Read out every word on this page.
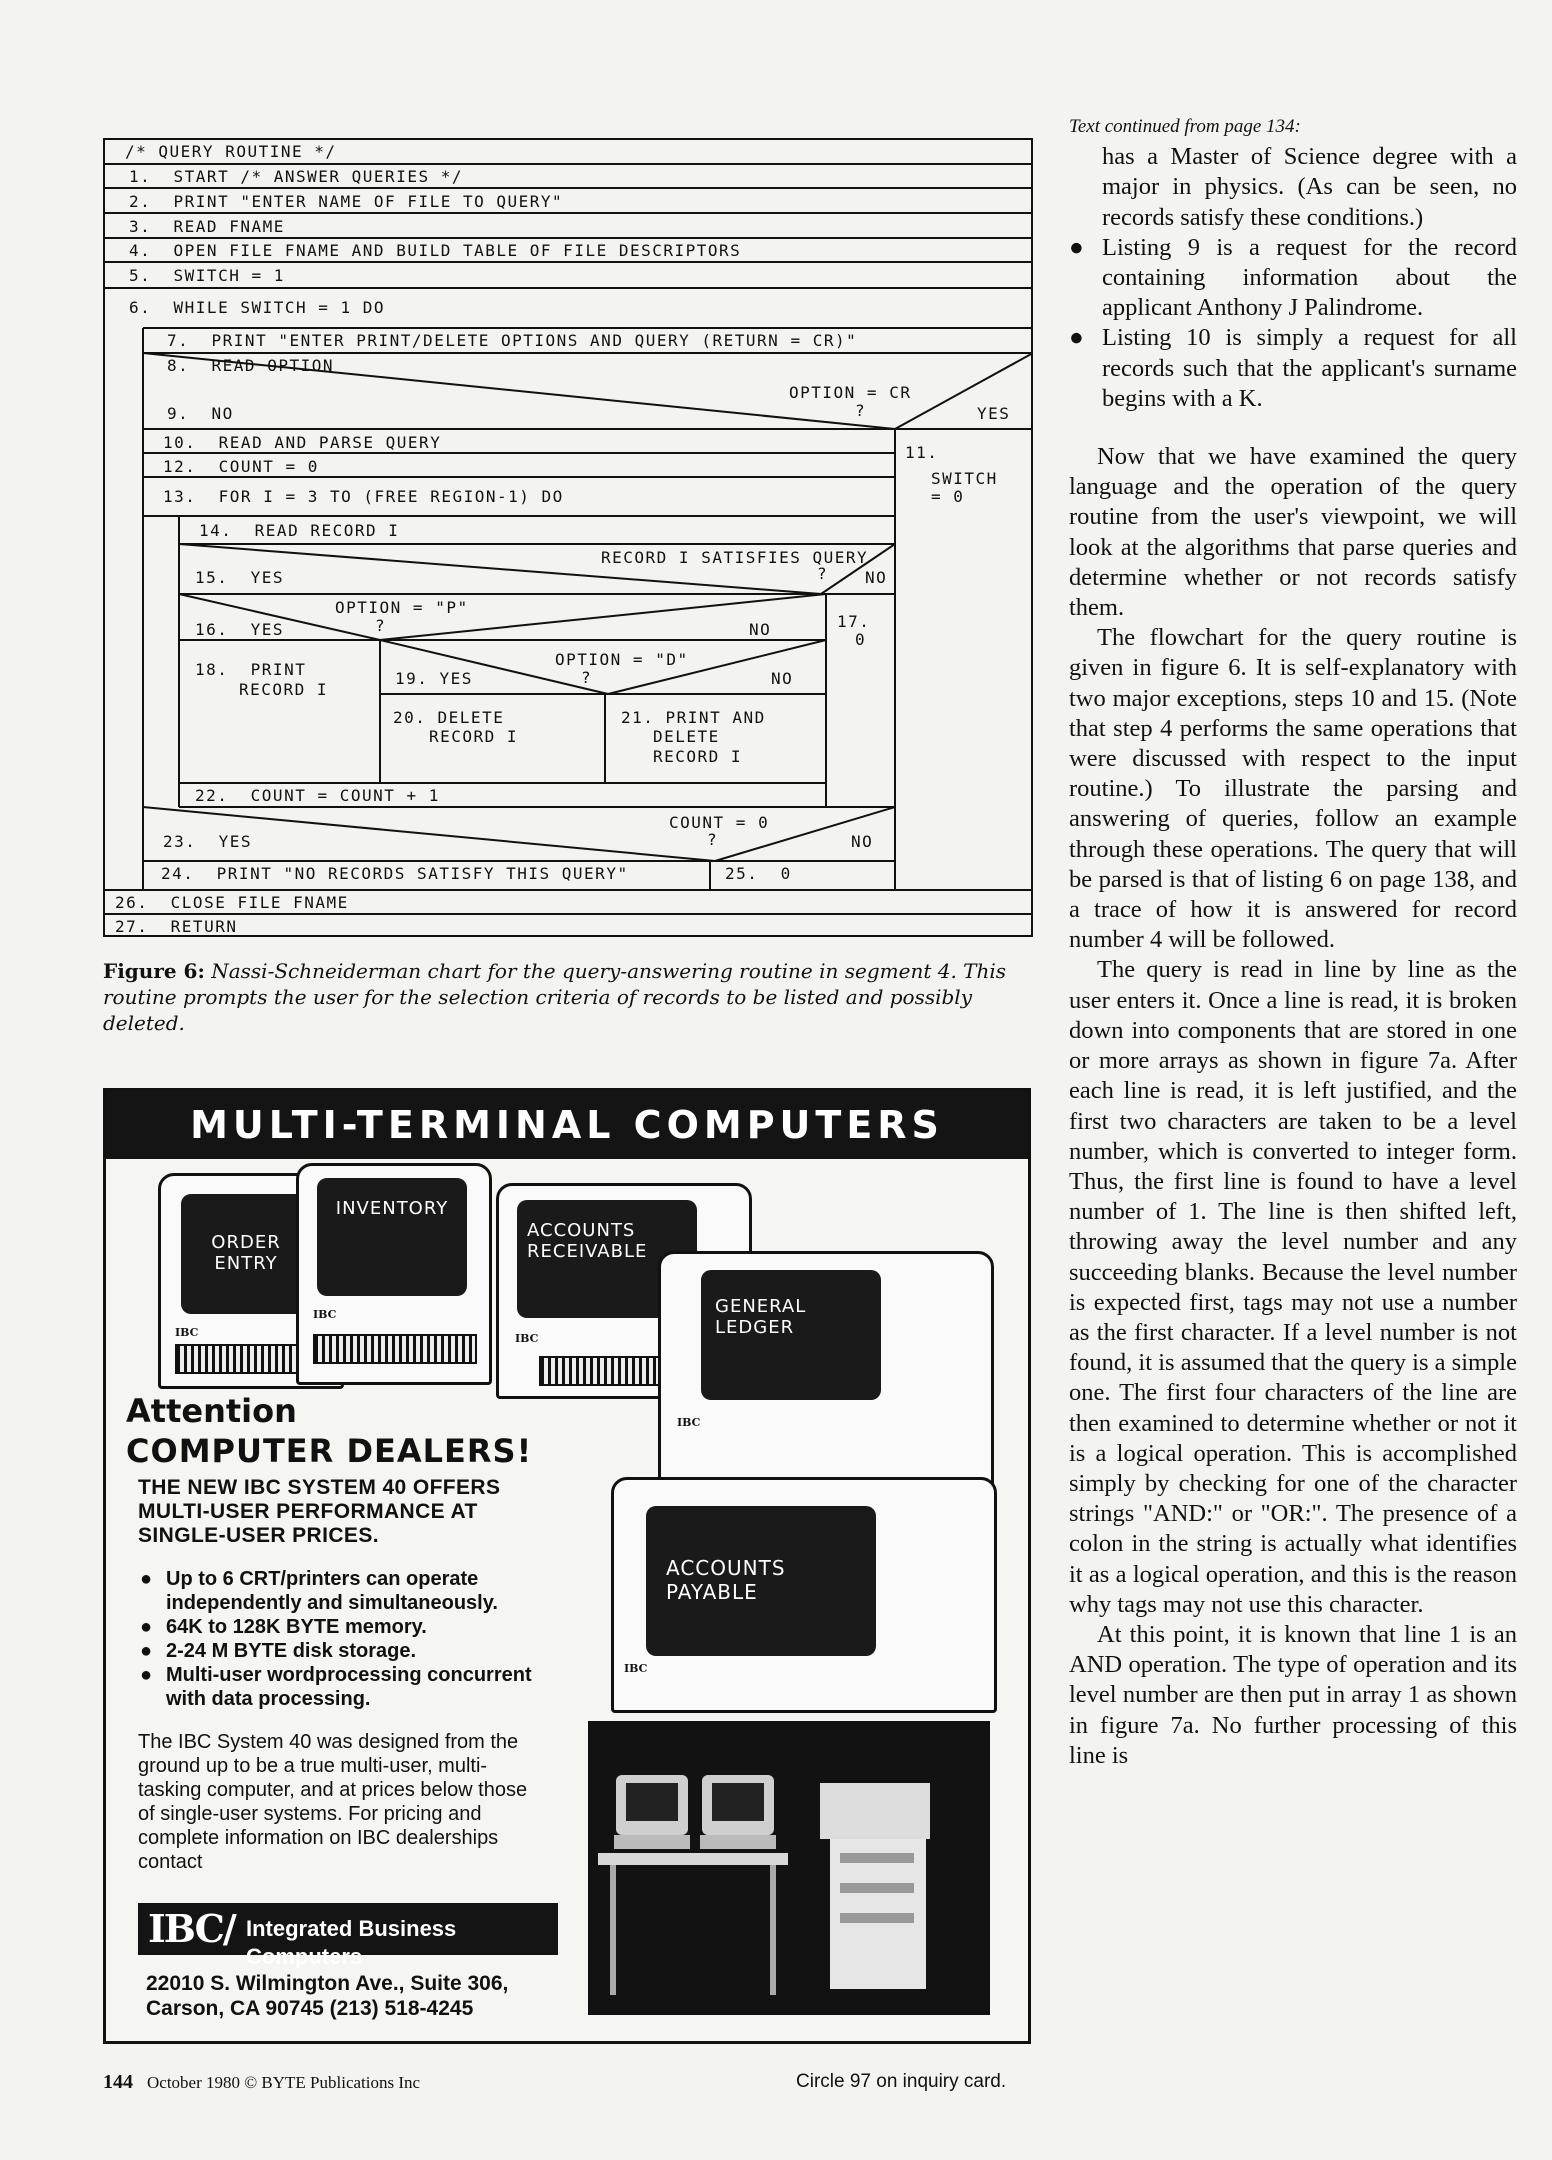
/* QUERY ROUTINE */

1.  START /* ANSWER QUERIES */

2.  PRINT "ENTER NAME OF FILE TO QUERY"

3.  READ FNAME

4.  OPEN FILE FNAME AND BUILD TABLE OF FILE DESCRIPTORS

5.  SWITCH = 1

6.  WHILE SWITCH = 1 DO

7.  PRINT "ENTER PRINT/DELETE OPTIONS AND QUERY (RETURN = CR)"

8.  READ OPTION

OPTION = CR

?

9.  NO

	YES

10.  READ AND PARSE QUERY

11.

SWITCH

= 0

12.  COUNT = 0

13.  FOR I = 3 TO (FREE REGION-1) DO

14.  READ RECORD I

RECORD I SATISFIES QUERY

?

15.  YES

	NO

OPTION = "P"

?

16.  YES

	NO

	17.

0

18.  PRINT

RECORD I

OPTION = "D"

?

19. YES

	NO

20. DELETE

RECORD I

21. PRINT AND

DELETE

RECORD I

22.  COUNT = COUNT + 1

COUNT = 0

?

23.  YES

	NO

24.  PRINT "NO RECORDS SATISFY THIS QUERY"

	25.  0

26.  CLOSE FILE FNAME

27.  RETURN

Figure 6: Nassi-Schneiderman chart for the query-answering routine in segment 4. This routine prompts the user for the selection criteria of records to be listed and possibly deleted.
Text continued from page 134:

has a Master of Science degree with a major in physics. (As can be seen, no records satisfy these conditions.)

● Listing 9 is a request for the record containing information about the applicant Anthony J Palindrome.

● Listing 10 is simply a request for all records such that the applicant's surname begins with a K.

Now that we have examined the query language and the operation of the query routine from the user's viewpoint, we will look at the algorithms that parse queries and determine whether or not records satisfy them.

The flowchart for the query routine is given in figure 6. It is self-explanatory with two major exceptions, steps 10 and 15. (Note that step 4 performs the same operations that were discussed with respect to the input routine.) To illustrate the parsing and answering of queries, follow an example through these operations. The query that will be parsed is that of listing 6 on page 138, and a trace of how it is answered for record number 4 will be followed.

The query is read in line by line as the user enters it. Once a line is read, it is broken down into components that are stored in one or more arrays as shown in figure 7a. After each line is read, it is left justified, and the first two characters are taken to be a level number, which is converted to integer form. Thus, the first line is found to have a level number of 1. The line is then shifted left, throwing away the level number and any succeeding blanks. Because the level number is expected first, tags may not use a number as the first character. If a level number is not found, it is assumed that the query is a simple one. The first four characters of the line are then examined to determine whether or not it is a logical operation. This is accomplished simply by checking for one of the character strings "AND:" or "OR:". The presence of a colon in the string is actually what identifies it as a logical operation, and this is the reason why tags may not use this character.

At this point, it is known that line 1 is an AND operation. The type of operation and its level number are then put in array 1 as shown in figure 7a. No further processing of this line is

MULTI-TERMINAL COMPUTERS
ORDER ENTRY
IBC
INVENTORY
IBC
ACCOUNTS RECEIVABLE
IBC
GENERAL LEDGER
IBC
ACCOUNTS PAYABLE
IBC
Attention
COMPUTER DEALERS!
THE NEW IBC SYSTEM 40 OFFERS MULTI-USER PERFORMANCE AT SINGLE-USER PRICES.
● Up to 6 CRT/printers can operate independently and simultaneously.
● 64K to 128K BYTE memory.
● 2-24 M BYTE disk storage.
● Multi-user wordprocessing concurrent with data processing.
The IBC System 40 was designed from the ground up to be a true multi-user, multi-tasking computer, and at prices below those of single-user systems. For pricing and complete information on IBC dealerships contact
IBC/ Integrated Business Computers
22010 S. Wilmington Ave., Suite 306,
Carson, CA 90745 (213) 518-4245
144 October 1980 © BYTE Publications Inc	Circle 97 on inquiry card.
